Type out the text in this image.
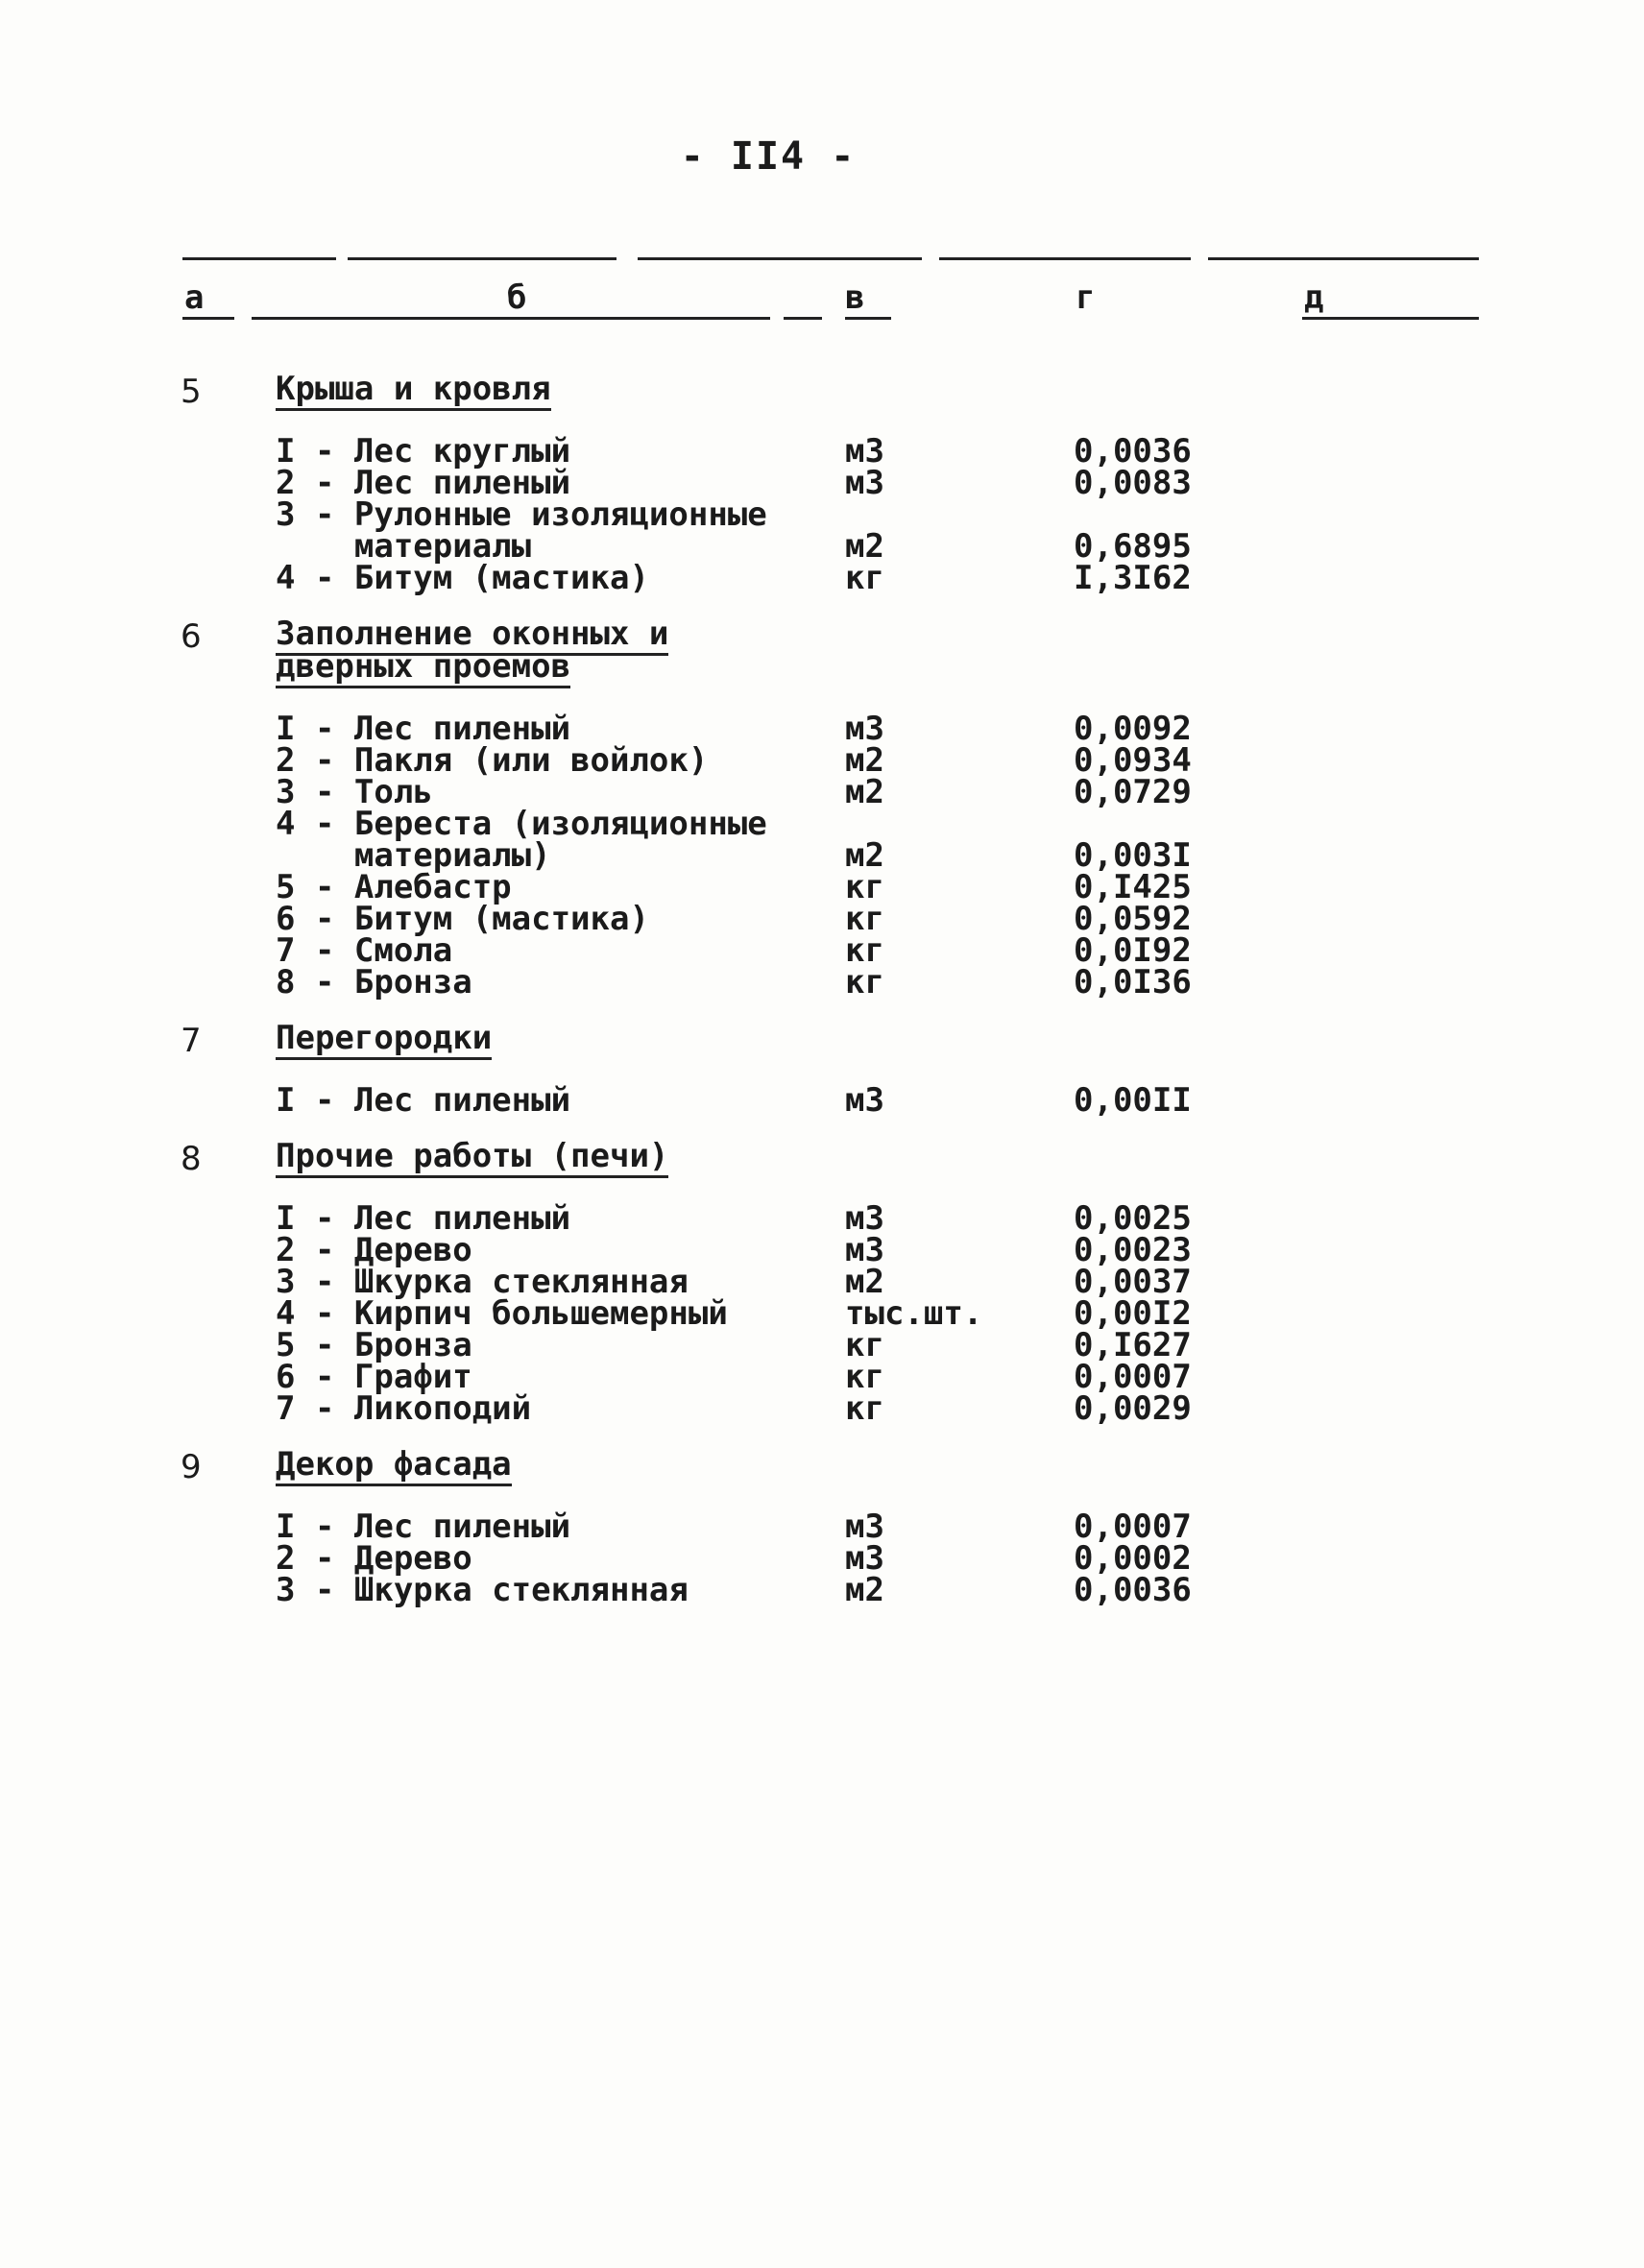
- II4 -
а	б	в	г	д
5 Крыша и кровля
I - Лес круглый	м3	0,0036
2 - Лес пиленый	м3	0,0083
3 - Рулонные изоляционные
материалы	м2	0,6895
4 - Битум (мастика)	кг	I,3I62
6 Заполнение оконных и дверных проемов
I - Лес пиленый	м3	0,0092
2 - Пакля (или войлок)	м2	0,0934
3 - Толь	м2	0,0729
4 - Береста (изоляционные
материалы)	м2	0,003I
5 - Алебастр	кг	0,I425
6 - Битум (мастика)	кг	0,0592
7 - Смола	кг	0,0I92
8 - Бронза	кг	0,0I36
7 Перегородки
I - Лес пиленый	м3	0,00II
8 Прочие работы (печи)
I - Лес пиленый	м3	0,0025
2 - Дерево	м3	0,0023
3 - Шкурка стеклянная	м2	0,0037
4 - Кирпич большемерный	тыс.шт.	0,00I2
5 - Бронза	кг	0,I627
6 - Графит	кг	0,0007
7 - Ликоподий	кг	0,0029
9 Декор фасада
I - Лес пиленый	м3	0,0007
2 - Дерево	м3	0,0002
3 - Шкурка стеклянная	м2	0,0036
